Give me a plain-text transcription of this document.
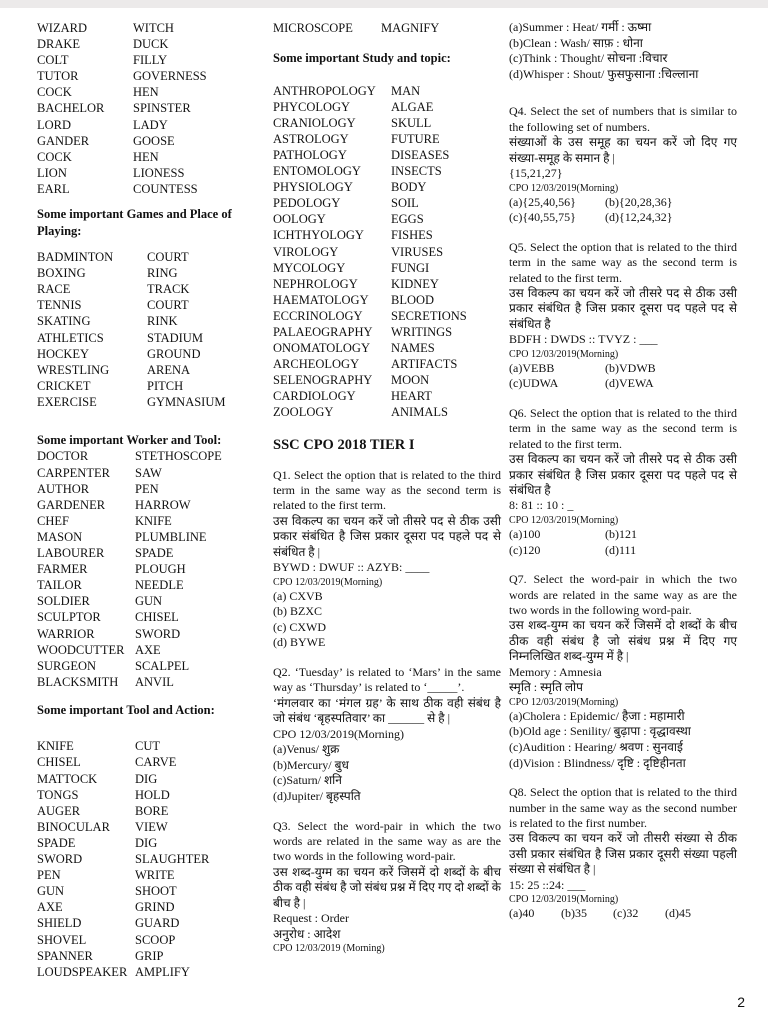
WIZARD	WITCH
DRAKE	DUCK
COLT	FILLY
TUTOR	GOVERNESS
COCK	HEN
BACHELOR	SPINSTER
LORD	LADY
GANDER	GOOSE
COCK	HEN
LION	LIONESS
EARL	COUNTESS
Some important Games and Place of Playing:
BADMINTON	COURT
BOXING	RING
RACE	TRACK
TENNIS	COURT
SKATING	RINK
ATHLETICS	STADIUM
HOCKEY	GROUND
WRESTLING	ARENA
CRICKET	PITCH
EXERCISE	GYMNASIUM
Some important Worker and Tool:
DOCTOR	STETHOSCOPE
CARPENTER	SAW
AUTHOR	PEN
GARDENER	HARROW
CHEF	KNIFE
MASON	PLUMBLINE
LABOURER	SPADE
FARMER	PLOUGH
TAILOR	NEEDLE
SOLDIER	GUN
SCULPTOR	CHISEL
WARRIOR	SWORD
WOODCUTTER AXE
SURGEON	SCALPEL
BLACKSMITH	ANVIL
Some important Tool and Action:
KNIFE	CUT
CHISEL	CARVE
MATTOCK	DIG
TONGS	HOLD
AUGER	BORE
BINOCULAR	VIEW
SPADE	DIG
SWORD	SLAUGHTER
PEN	WRITE
GUN	SHOOT
AXE	GRIND
SHIELD	GUARD
SHOVEL	SCOOP
SPANNER	GRIP
LOUDSPEAKER AMPLIFY
MICROSCOPE	MAGNIFY
Some important Study and topic:
ANTHROPOLOGY	MAN
PHYCOLOGY	ALGAE
CRANIOLOGY	SKULL
ASTROLOGY	FUTURE
PATHOLOGY	DISEASES
ENTOMOLOGY	INSECTS
PHYSIOLOGY	BODY
PEDOLOGY	SOIL
OOLOGY	EGGS
ICHTHYOLOGY	FISHES
VIROLOGY	VIRUSES
MYCOLOGY	FUNGI
NEPHROLOGY	KIDNEY
HAEMATOLOGY	BLOOD
ECCRINOLOGY	SECRETIONS
PALAEOGRAPHY	WRITINGS
ONOMATOLOGY	NAMES
ARCHEOLOGY	ARTIFACTS
SELENOGRAPHY	MOON
CARDIOLOGY	HEART
ZOOLOGY	ANIMALS
SSC CPO 2018 TIER I
Q1. Select the option that is related to the third term in the same way as the second term is related to the first term.
उस विकल्प का चयन करें जो तीसरे पद से ठीक उसी प्रकार संबंधित है जिस प्रकार दूसरा पद पहले पद से संबंधित है |
BYWD : DWUF :: AZYB: ____
CPO 12/03/2019(Morning)
(a) CXVB
(b) BZXC
(c) CXWD
(d) BYWE
Q2. ‘Tuesday’ is related to ‘Mars’ in the same way as ‘Thursday’ is related to ‘_____’.
‘मंगलवार का ‘मंगल ग्रह’ के साथ ठीक वही संबंध है जो संबंध ‘बृहस्पतिवार’ का ______ से है |
CPO 12/03/2019(Morning)
(a)Venus/ शुक्र
(b)Mercury/ बुध
(c)Saturn/ शनि
(d)Jupiter/ बृहस्पति
Q3. Select the word-pair in which the two words are related in the same way as are the two words in the following word-pair.
उस शब्द-युग्म का चयन करें जिसमें दो शब्दों के बीच ठीक वही संबंध है जो संबंध प्रश्न में दिए गए दो शब्दों के बीच है |
Request : Order
अनुरोध : आदेश
CPO 12/03/2019 (Morning)
(a)Summer : Heat/ गर्मी : ऊष्मा
(b)Clean : Wash/ साफ़ : धोना
(c)Think : Thought/ सोचना :विचार
(d)Whisper : Shout/ फुसफुसाना :चिल्लाना
Q4. Select the set of numbers that is similar to the following set of numbers.
संख्याओं के उस समूह का चयन करें जो दिए गए संख्या-समूह के समान है |
{15,21,27}
CPO 12/03/2019(Morning)
(a){25,40,56}	(b){20,28,36}
(c){40,55,75}	(d){12,24,32}
Q5. Select the option that is related to the third term in the same way as the second term is related to the first term.
उस विकल्प का चयन करें जो तीसरे पद से ठीक उसी प्रकार संबंधित है जिस प्रकार दूसरा पद पहले पद से संबंधित है
BDFH : DWDS :: TVYZ : ___
CPO 12/03/2019(Morning)
(a)VEBB	(b)VDWB
(c)UDWA	(d)VEWA
Q6. Select the option that is related to the third term in the same way as the second term is related to the first term.
उस विकल्प का चयन करें जो तीसरे पद से ठीक उसी प्रकार संबंधित है जिस प्रकार दूसरा पद पहले पद से संबंधित है
8: 81 :: 10 : _
CPO 12/03/2019(Morning)
(a)100	(b)121
(c)120	(d)111
Q7. Select the word-pair in which the two words are related in the same way as are the two words in the following word-pair.
उस शब्द-युग्म का चयन करें जिसमें दो शब्दों के बीच ठीक वही संबंध है जो संबंध प्रश्न में दिए गए निम्नलिखित शब्द-युग्म में है |
Memory : Amnesia
स्मृति : स्मृति लोप
CPO 12/03/2019(Morning)
(a)Cholera : Epidemic/ हैजा : महामारी
(b)Old age : Senility/ बुढ़ापा : वृद्धावस्था
(c)Audition : Hearing/ श्रवण : सुनवाई
(d)Vision : Blindness/ दृष्टि : दृष्टिहीनता
Q8. Select the option that is related to the third number in the same way as the second number is related to the first number.
उस विकल्प का चयन करें जो तीसरी संख्या से ठीक उसी प्रकार संबंधित है जिस प्रकार दूसरी संख्या पहली संख्या से संबंधित है |
15: 25 ::24: ___
CPO 12/03/2019(Morning)
(a)40	(b)35	(c)32	(d)45
2
